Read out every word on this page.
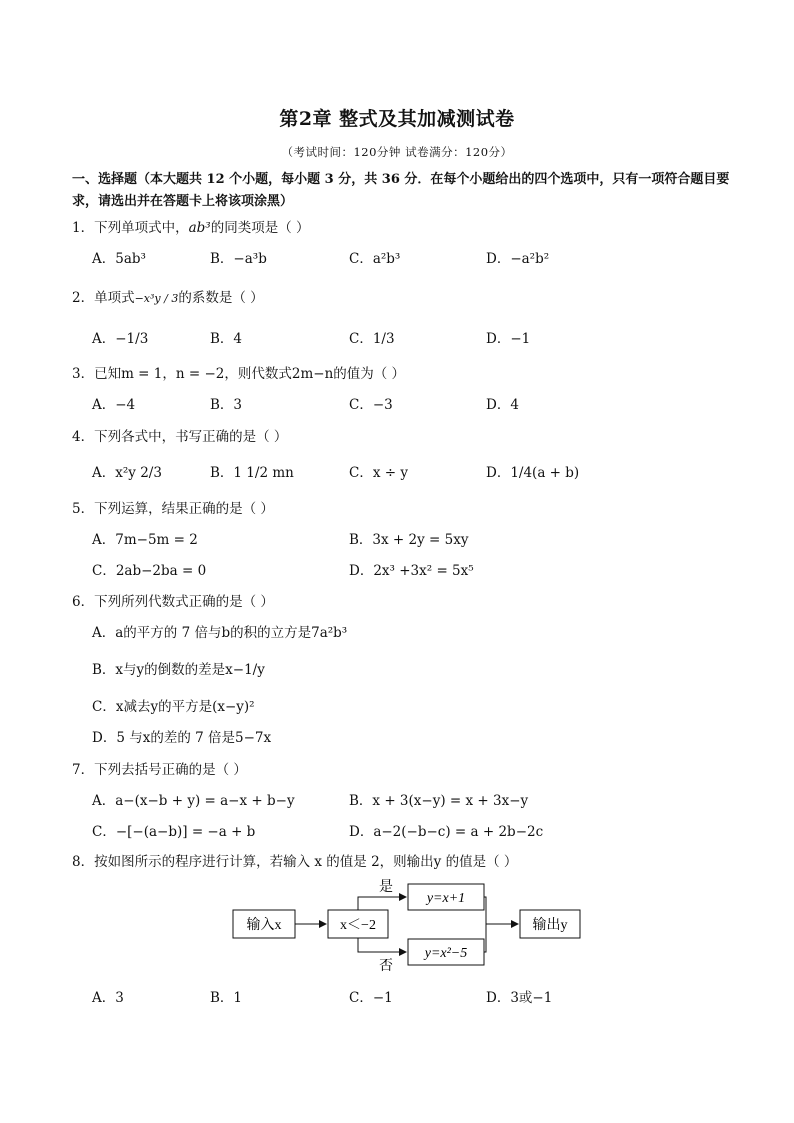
第2章 整式及其加减测试卷
（考试时间：120分钟 试卷满分：120分）
一、选择题（本大题共 12 个小题，每小题 3 分，共 36 分．在每个小题给出的四个选项中，只有一项符合题目要求，请选出并在答题卡上将该项涂黑）
1．下列单项式中，ab³的同类项是（ ）
A．5ab³	B．−a³b	C．a²b³	D．−a²b²
2．单项式−x³y / 3的系数是（ ）
A．−1/3	B．4	C．1/3	D．−1
3．已知m = 1，n = −2，则代数式2m−n的值为（ ）
A．−4	B．3	C．−3	D．4
4．下列各式中，书写正确的是（ ）
A．x²y 2/3	B．1 1/2 mn	C．x ÷ y	D．1/4(a + b)
5．下列运算，结果正确的是（ ）
A．7m−5m = 2	B．3x + 2y = 5xy
C．2ab−2ba = 0	D．2x³ +3x² = 5x⁵
6．下列所列代数式正确的是（ ）
A．a的平方的 7 倍与b的积的立方是7a²b³
B．x与y的倒数的差是x−1/y
C．x减去y的平方是(x−y)²
D．5 与x的差的 7 倍是5−7x
7．下列去括号正确的是（ ）
A．a−(x−b + y) = a−x + b−y	B．x + 3(x−y) = x + 3x−y
C．−[−(a−b)] = −a + b	D．a−2(−b−c) = a + 2b−2c
8．按如图所示的程序进行计算，若输入 x 的值是 2，则输出y 的值是（ ）
输入x	x＜−2
是
否
y=x+1
y=x²−5
输出y
A．3	B．1	C．−1	D．3或−1
